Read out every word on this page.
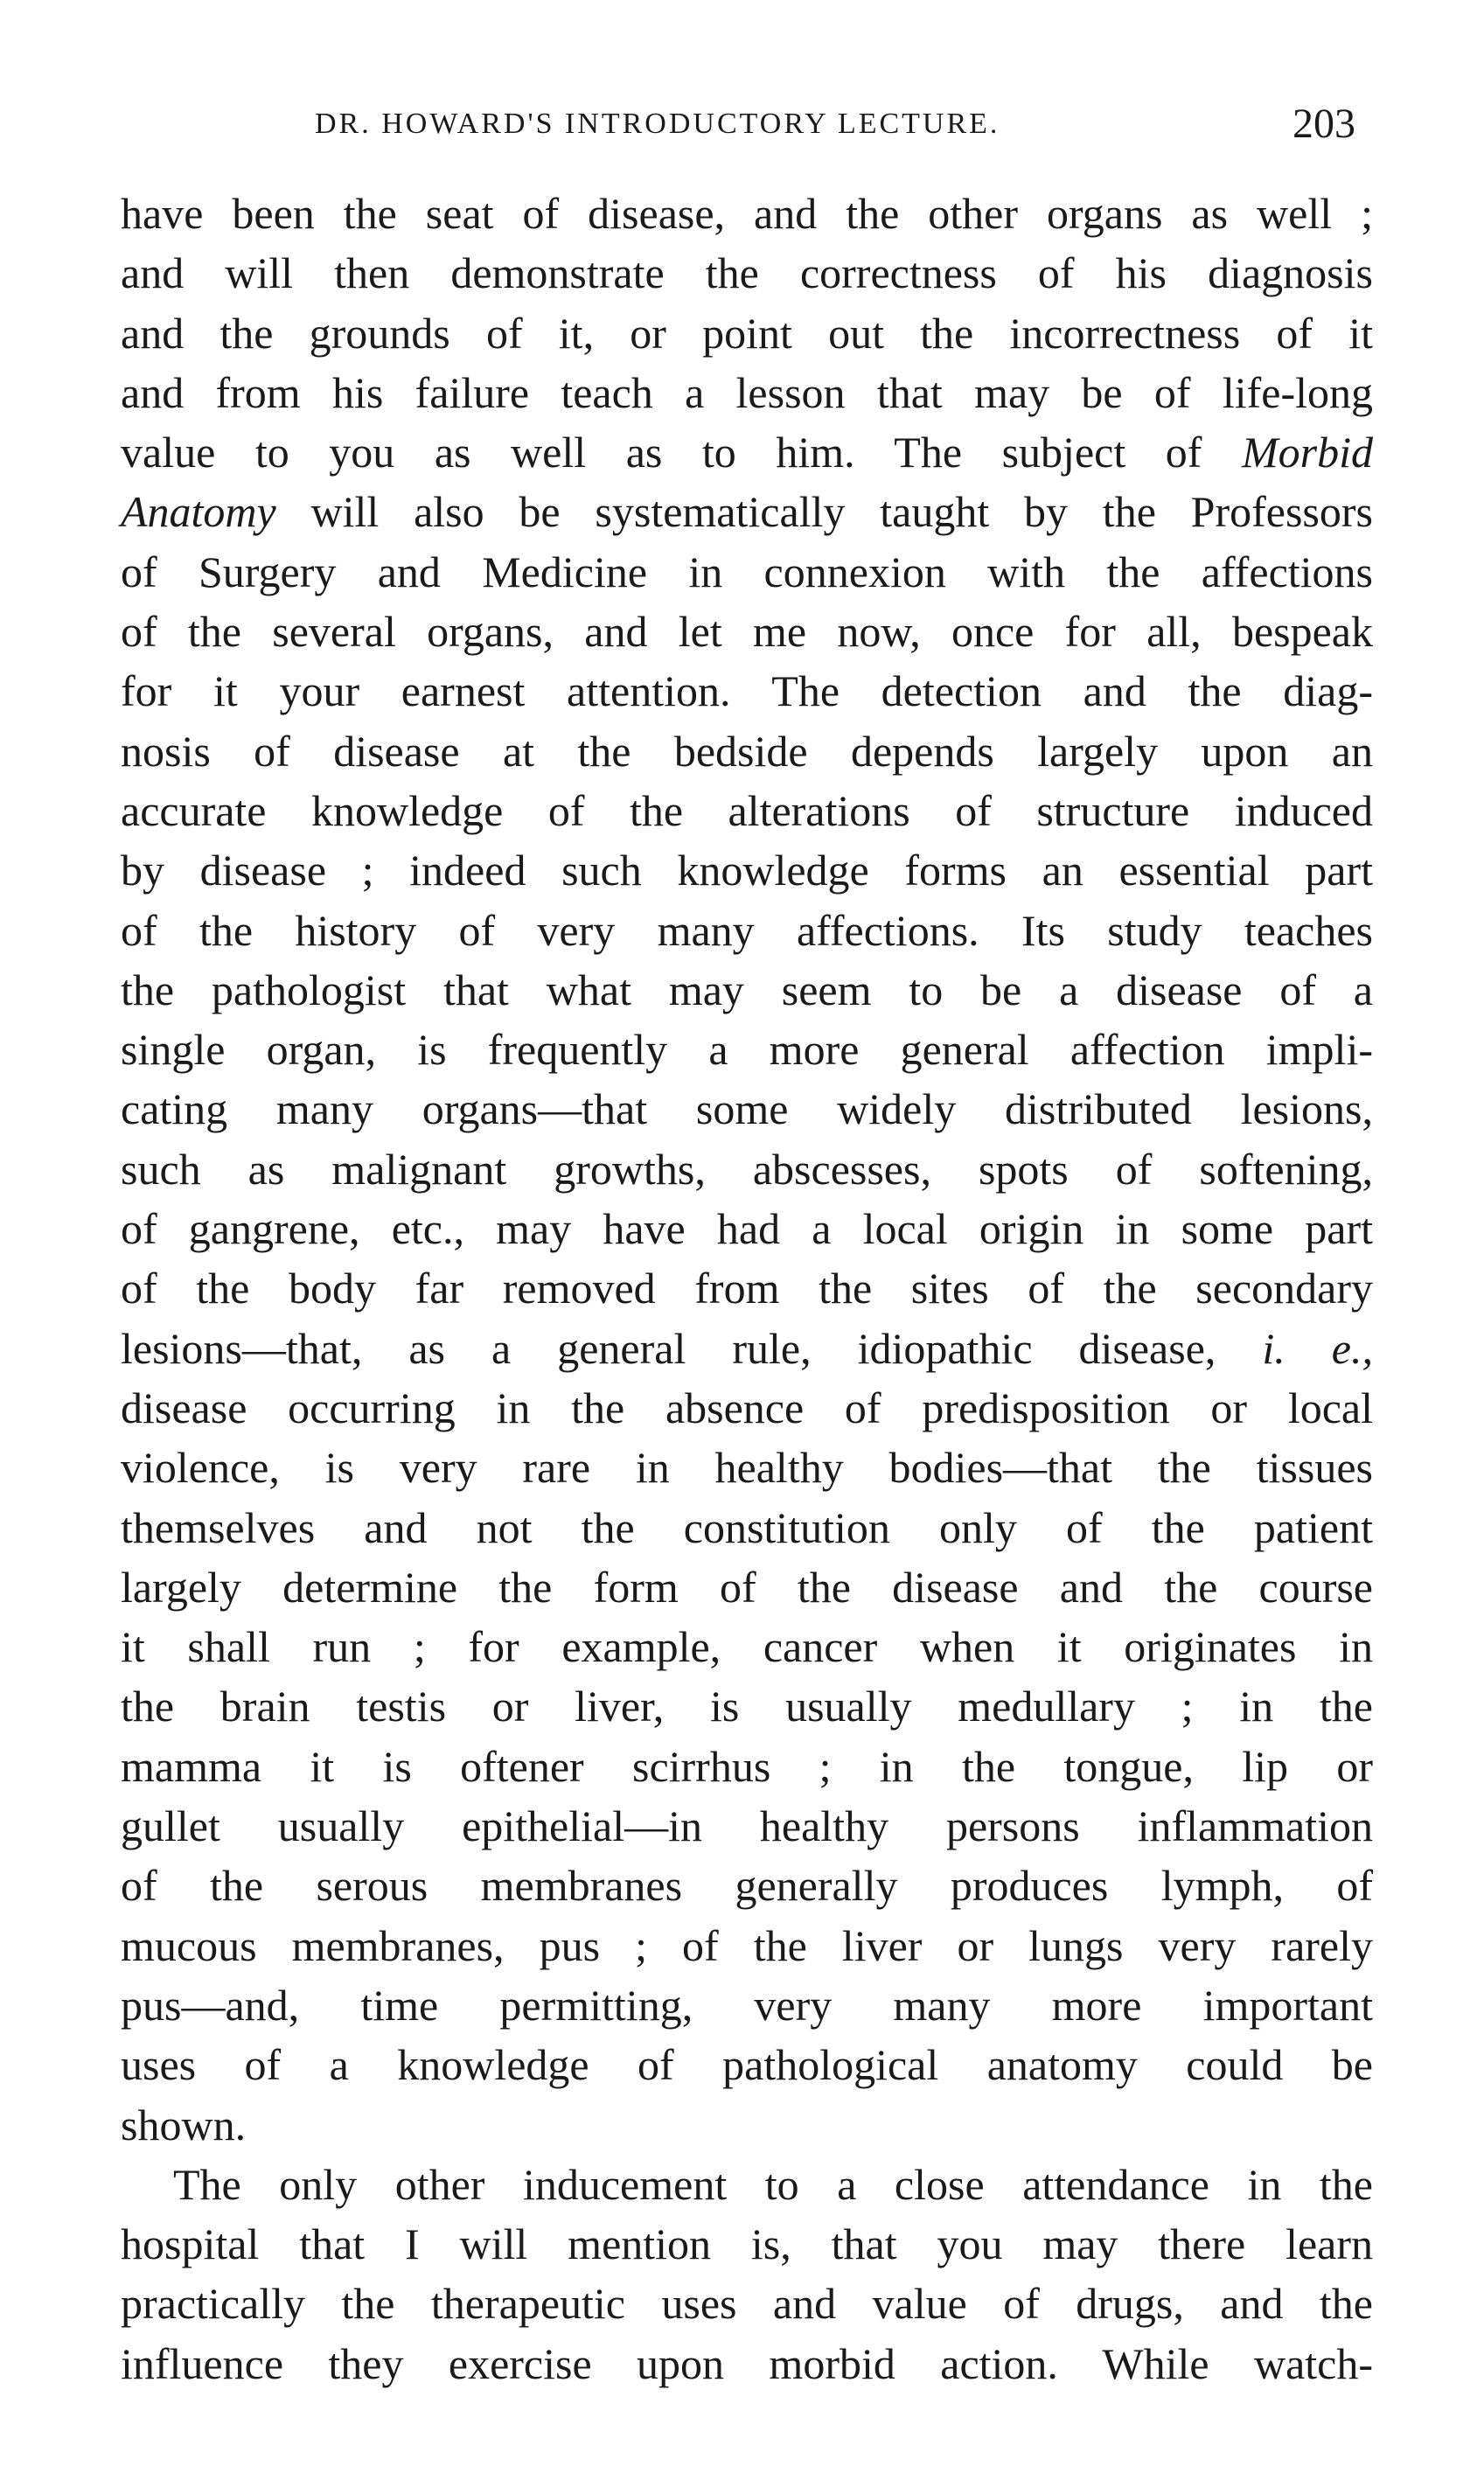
DR. HOWARD'S INTRODUCTORY LECTURE.	203
have been the seat of disease, and the other organs as well ;
and will then demonstrate the correctness of his diagnosis
and the grounds of it, or point out the incorrectness of it
and from his failure teach a lesson that may be of life-long
value to you as well as to him. The subject of Morbid
Anatomy will also be systematically taught by the Professors
of Surgery and Medicine in connexion with the affections
of the several organs, and let me now, once for all, bespeak
for it your earnest attention. The detection and the diag-
nosis of disease at the bedside depends largely upon an
accurate knowledge of the alterations of structure induced
by disease ; indeed such knowledge forms an essential part
of the history of very many affections. Its study teaches
the pathologist that what may seem to be a disease of a
single organ, is frequently a more general affection impli-
cating many organs—that some widely distributed lesions,
such as malignant growths, abscesses, spots of softening,
of gangrene, etc., may have had a local origin in some part
of the body far removed from the sites of the secondary
lesions—that, as a general rule, idiopathic disease, i. e.,
disease occurring in the absence of predisposition or local
violence, is very rare in healthy bodies—that the tissues
themselves and not the constitution only of the patient
largely determine the form of the disease and the course
it shall run ; for example, cancer when it originates in
the brain testis or liver, is usually medullary ; in the
mamma it is oftener scirrhus ; in the tongue, lip or
gullet usually epithelial—in healthy persons inflammation
of the serous membranes generally produces lymph, of
mucous membranes, pus ; of the liver or lungs very rarely
pus—and, time permitting, very many more important
uses of a knowledge of pathological anatomy could be
shown.
The only other inducement to a close attendance in the
hospital that I will mention is, that you may there learn
practically the therapeutic uses and value of drugs, and the
influence they exercise upon morbid action. While watch-
